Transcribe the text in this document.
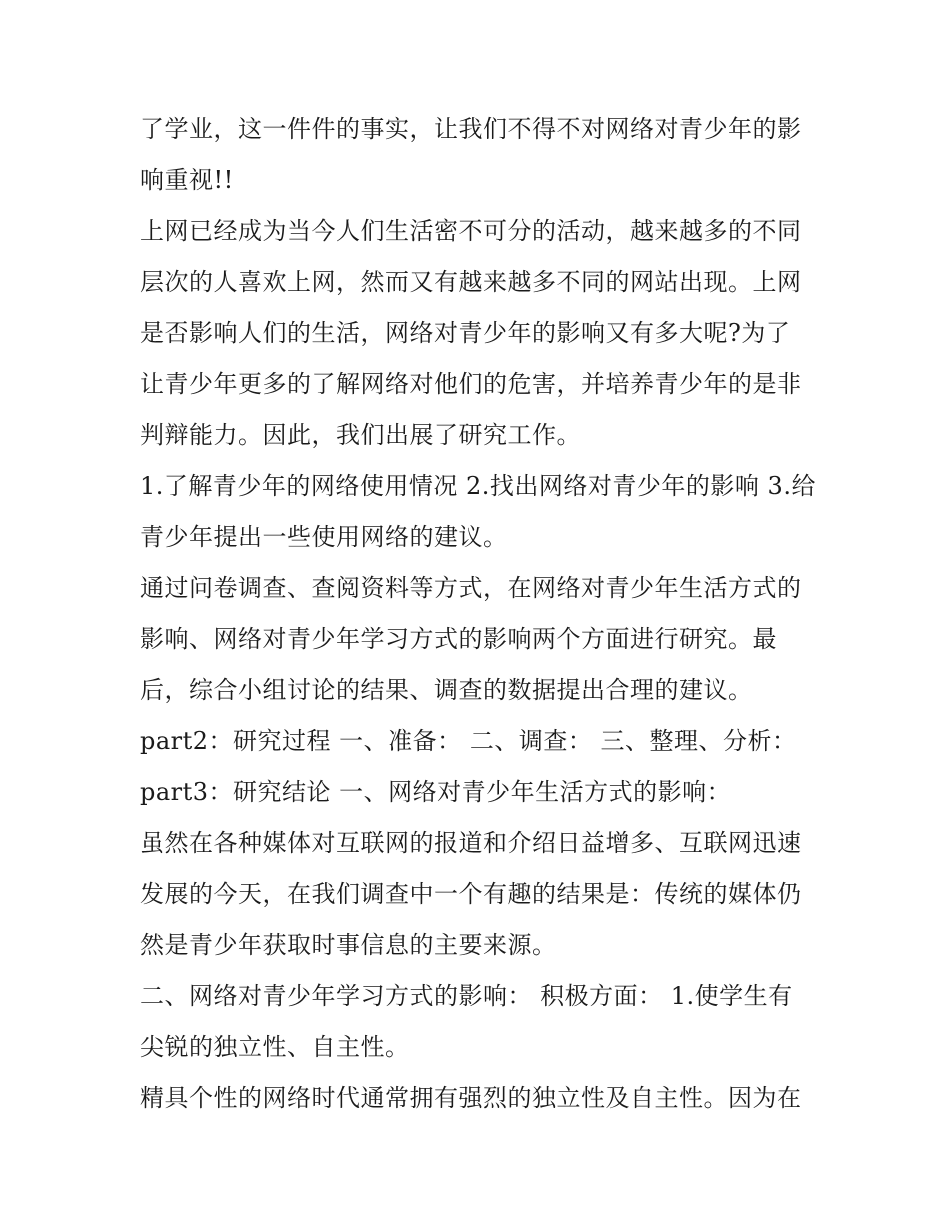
了学业，这一件件的事实，让我们不得不对网络对青少年的影
响重视!!
上网已经成为当今人们生活密不可分的活动，越来越多的不同
层次的人喜欢上网，然而又有越来越多不同的网站出现。上网
是否影响人们的生活，网络对青少年的影响又有多大呢?为了
让青少年更多的了解网络对他们的危害，并培养青少年的是非
判辩能力。因此，我们出展了研究工作。
1.了解青少年的网络使用情况 2.找出网络对青少年的影响 3.给
青少年提出一些使用网络的建议。
通过问卷调查、查阅资料等方式，在网络对青少年生活方式的
影响、网络对青少年学习方式的影响两个方面进行研究。最
后，综合小组讨论的结果、调查的数据提出合理的建议。
part2：研究过程 一、准备： 二、调查： 三、整理、分析：
part3：研究结论 一、网络对青少年生活方式的影响：
虽然在各种媒体对互联网的报道和介绍日益增多、互联网迅速
发展的今天，在我们调查中一个有趣的结果是：传统的媒体仍
然是青少年获取时事信息的主要来源。
二、网络对青少年学习方式的影响： 积极方面： 1.使学生有
尖锐的独立性、自主性。
精具个性的网络时代通常拥有强烈的独立性及自主性。因为在
